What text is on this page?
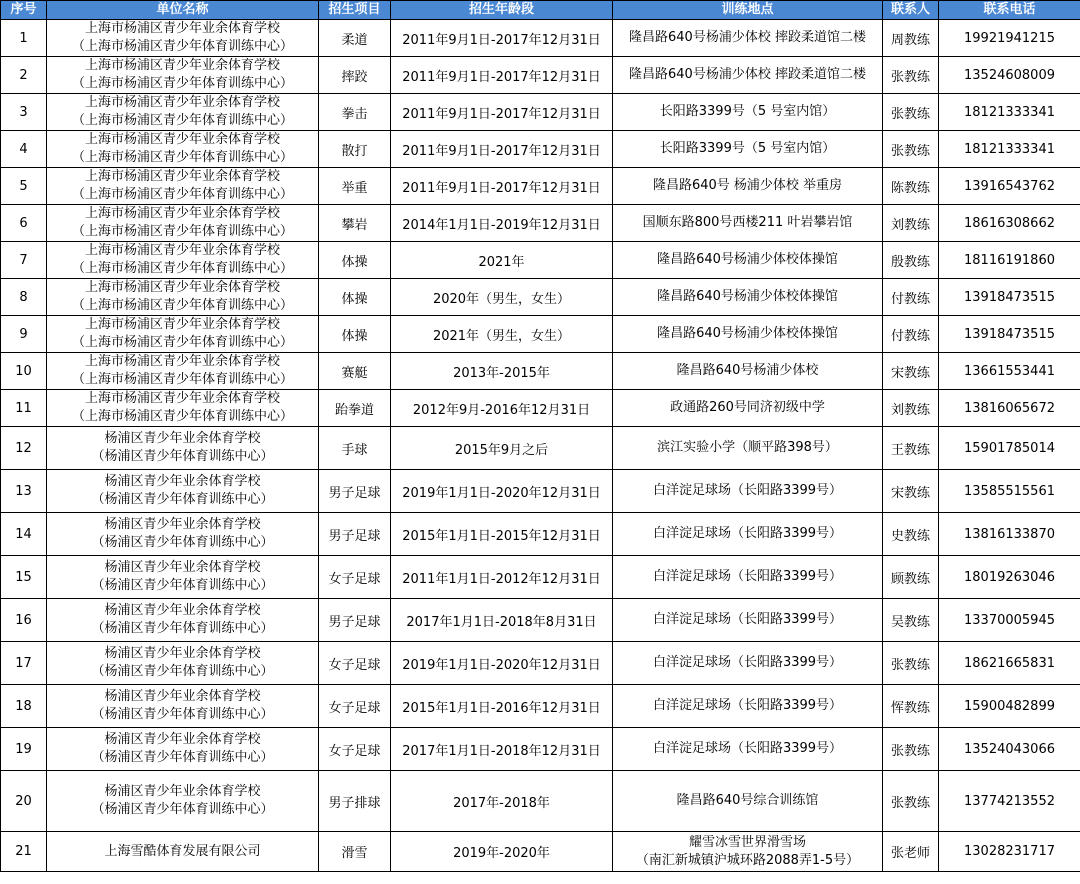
序号	单位名称	招生项目	招生年龄段	训练地点	联系人	联系电话
1	上海市杨浦区青少年业余体育学校
（上海市杨浦区青少年体育训练中心）	柔道	2011年9月1日-2017年12月31日	隆昌路640号杨浦少体校 摔跤柔道馆二楼	周教练	19921941215
2	上海市杨浦区青少年业余体育学校
（上海市杨浦区青少年体育训练中心）	摔跤	2011年9月1日-2017年12月31日	隆昌路640号杨浦少体校 摔跤柔道馆二楼	张教练	13524608009
3	上海市杨浦区青少年业余体育学校
（上海市杨浦区青少年体育训练中心）	拳击	2011年9月1日-2017年12月31日	长阳路3399号（5 号室内馆）	张教练	18121333341
4	上海市杨浦区青少年业余体育学校
（上海市杨浦区青少年体育训练中心）	散打	2011年9月1日-2017年12月31日	长阳路3399号（5 号室内馆）	张教练	18121333341
5	上海市杨浦区青少年业余体育学校
（上海市杨浦区青少年体育训练中心）	举重	2011年9月1日-2017年12月31日	隆昌路640号 杨浦少体校 举重房	陈教练	13916543762
6	上海市杨浦区青少年业余体育学校
（上海市杨浦区青少年体育训练中心）	攀岩	2014年1月1日-2019年12月31日	国顺东路800号西楼211 叶岩攀岩馆	刘教练	18616308662
7	上海市杨浦区青少年业余体育学校
（上海市杨浦区青少年体育训练中心）	体操	2021年	隆昌路640号杨浦少体校体操馆	殷教练	18116191860
8	上海市杨浦区青少年业余体育学校
（上海市杨浦区青少年体育训练中心）	体操	2020年（男生，女生）	隆昌路640号杨浦少体校体操馆	付教练	13918473515
9	上海市杨浦区青少年业余体育学校
（上海市杨浦区青少年体育训练中心）	体操	2021年（男生，女生）	隆昌路640号杨浦少体校体操馆	付教练	13918473515
10	上海市杨浦区青少年业余体育学校
（上海市杨浦区青少年体育训练中心）	赛艇	2013年-2015年	隆昌路640号杨浦少体校	宋教练	13661553441
11	上海市杨浦区青少年业余体育学校
（上海市杨浦区青少年体育训练中心）	跆拳道	2012年9月-2016年12月31日	政通路260号同济初级中学	刘教练	13816065672
12	杨浦区青少年业余体育学校
（杨浦区青少年体育训练中心）	手球	2015年9月之后	滨江实验小学（顺平路398号）	王教练	15901785014
13	杨浦区青少年业余体育学校
（杨浦区青少年体育训练中心）	男子足球	2019年1月1日-2020年12月31日	白洋淀足球场（长阳路3399号）	宋教练	13585515561
14	杨浦区青少年业余体育学校
（杨浦区青少年体育训练中心）	男子足球	2015年1月1日-2015年12月31日	白洋淀足球场（长阳路3399号）	史教练	13816133870
15	杨浦区青少年业余体育学校
（杨浦区青少年体育训练中心）	女子足球	2011年1月1日-2012年12月31日	白洋淀足球场（长阳路3399号）	顾教练	18019263046
16	杨浦区青少年业余体育学校
（杨浦区青少年体育训练中心）	男子足球	2017年1月1日-2018年8月31日	白洋淀足球场（长阳路3399号）	吴教练	13370005945
17	杨浦区青少年业余体育学校
（杨浦区青少年体育训练中心）	女子足球	2019年1月1日-2020年12月31日	白洋淀足球场（长阳路3399号）	张教练	18621665831
18	杨浦区青少年业余体育学校
（杨浦区青少年体育训练中心）	女子足球	2015年1月1日-2016年12月31日	白洋淀足球场（长阳路3399号）	恽教练	15900482899
19	杨浦区青少年业余体育学校
（杨浦区青少年体育训练中心）	女子足球	2017年1月1日-2018年12月31日	白洋淀足球场（长阳路3399号）	张教练	13524043066
20	杨浦区青少年业余体育学校
（杨浦区青少年体育训练中心）	男子排球	2017年-2018年	隆昌路640号综合训练馆	张教练	13774213552
21	上海雪酷体育发展有限公司	滑雪	2019年-2020年	耀雪冰雪世界滑雪场
（南汇新城镇沪城环路2088弄1-5号）	张老师	13028231717
